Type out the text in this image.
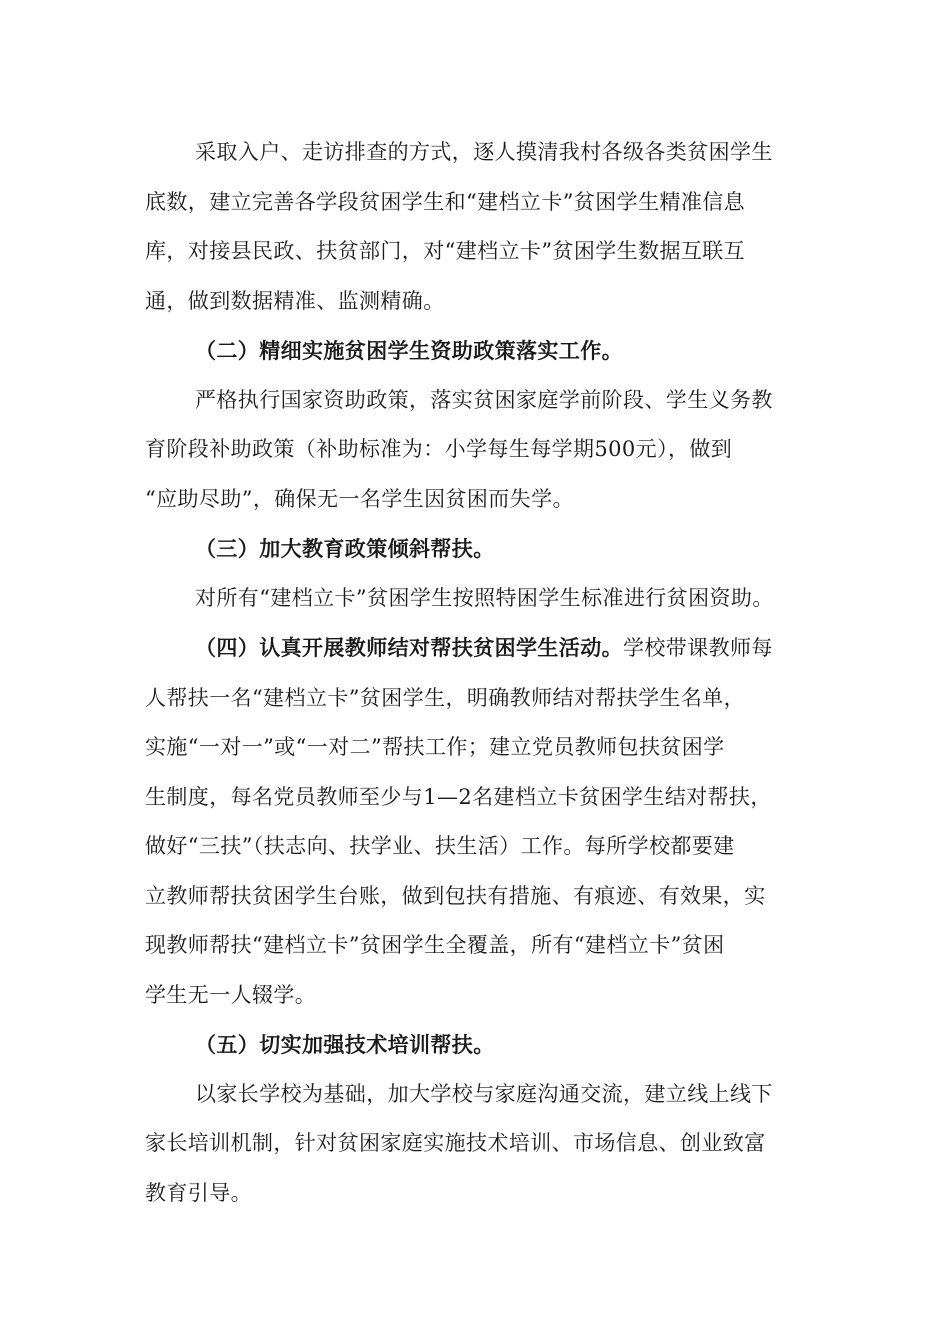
采取入户、走访排查的方式，逐人摸清我村各级各类贫困学生
底数，建立完善各学段贫困学生和“建档立卡”贫困学生精准信息
库，对接县民政、扶贫部门，对“建档立卡”贫困学生数据互联互
通，做到数据精准、监测精确。

（二）精细实施贫困学生资助政策落实工作。

严格执行国家资助政策，落实贫困家庭学前阶段、学生义务教
育阶段补助政策（补助标准为：小学每生每学期500元），做到
“应助尽助”，确保无一名学生因贫困而失学。

（三）加大教育政策倾斜帮扶。

对所有“建档立卡”贫困学生按照特困学生标准进行贫困资助。

（四）认真开展教师结对帮扶贫困学生活动。学校带课教师每
人帮扶一名“建档立卡”贫困学生，明确教师结对帮扶学生名单，
实施“一对一”或“一对二”帮扶工作；建立党员教师包扶贫困学
生制度，每名党员教师至少与1—2名建档立卡贫困学生结对帮扶，
做好“三扶”（扶志向、扶学业、扶生活）工作。每所学校都要建
立教师帮扶贫困学生台账，做到包扶有措施、有痕迹、有效果，实
现教师帮扶“建档立卡”贫困学生全覆盖，所有“建档立卡”贫困
学生无一人辍学。

（五）切实加强技术培训帮扶。

以家长学校为基础，加大学校与家庭沟通交流，建立线上线下
家长培训机制，针对贫困家庭实施技术培训、市场信息、创业致富
教育引导。
